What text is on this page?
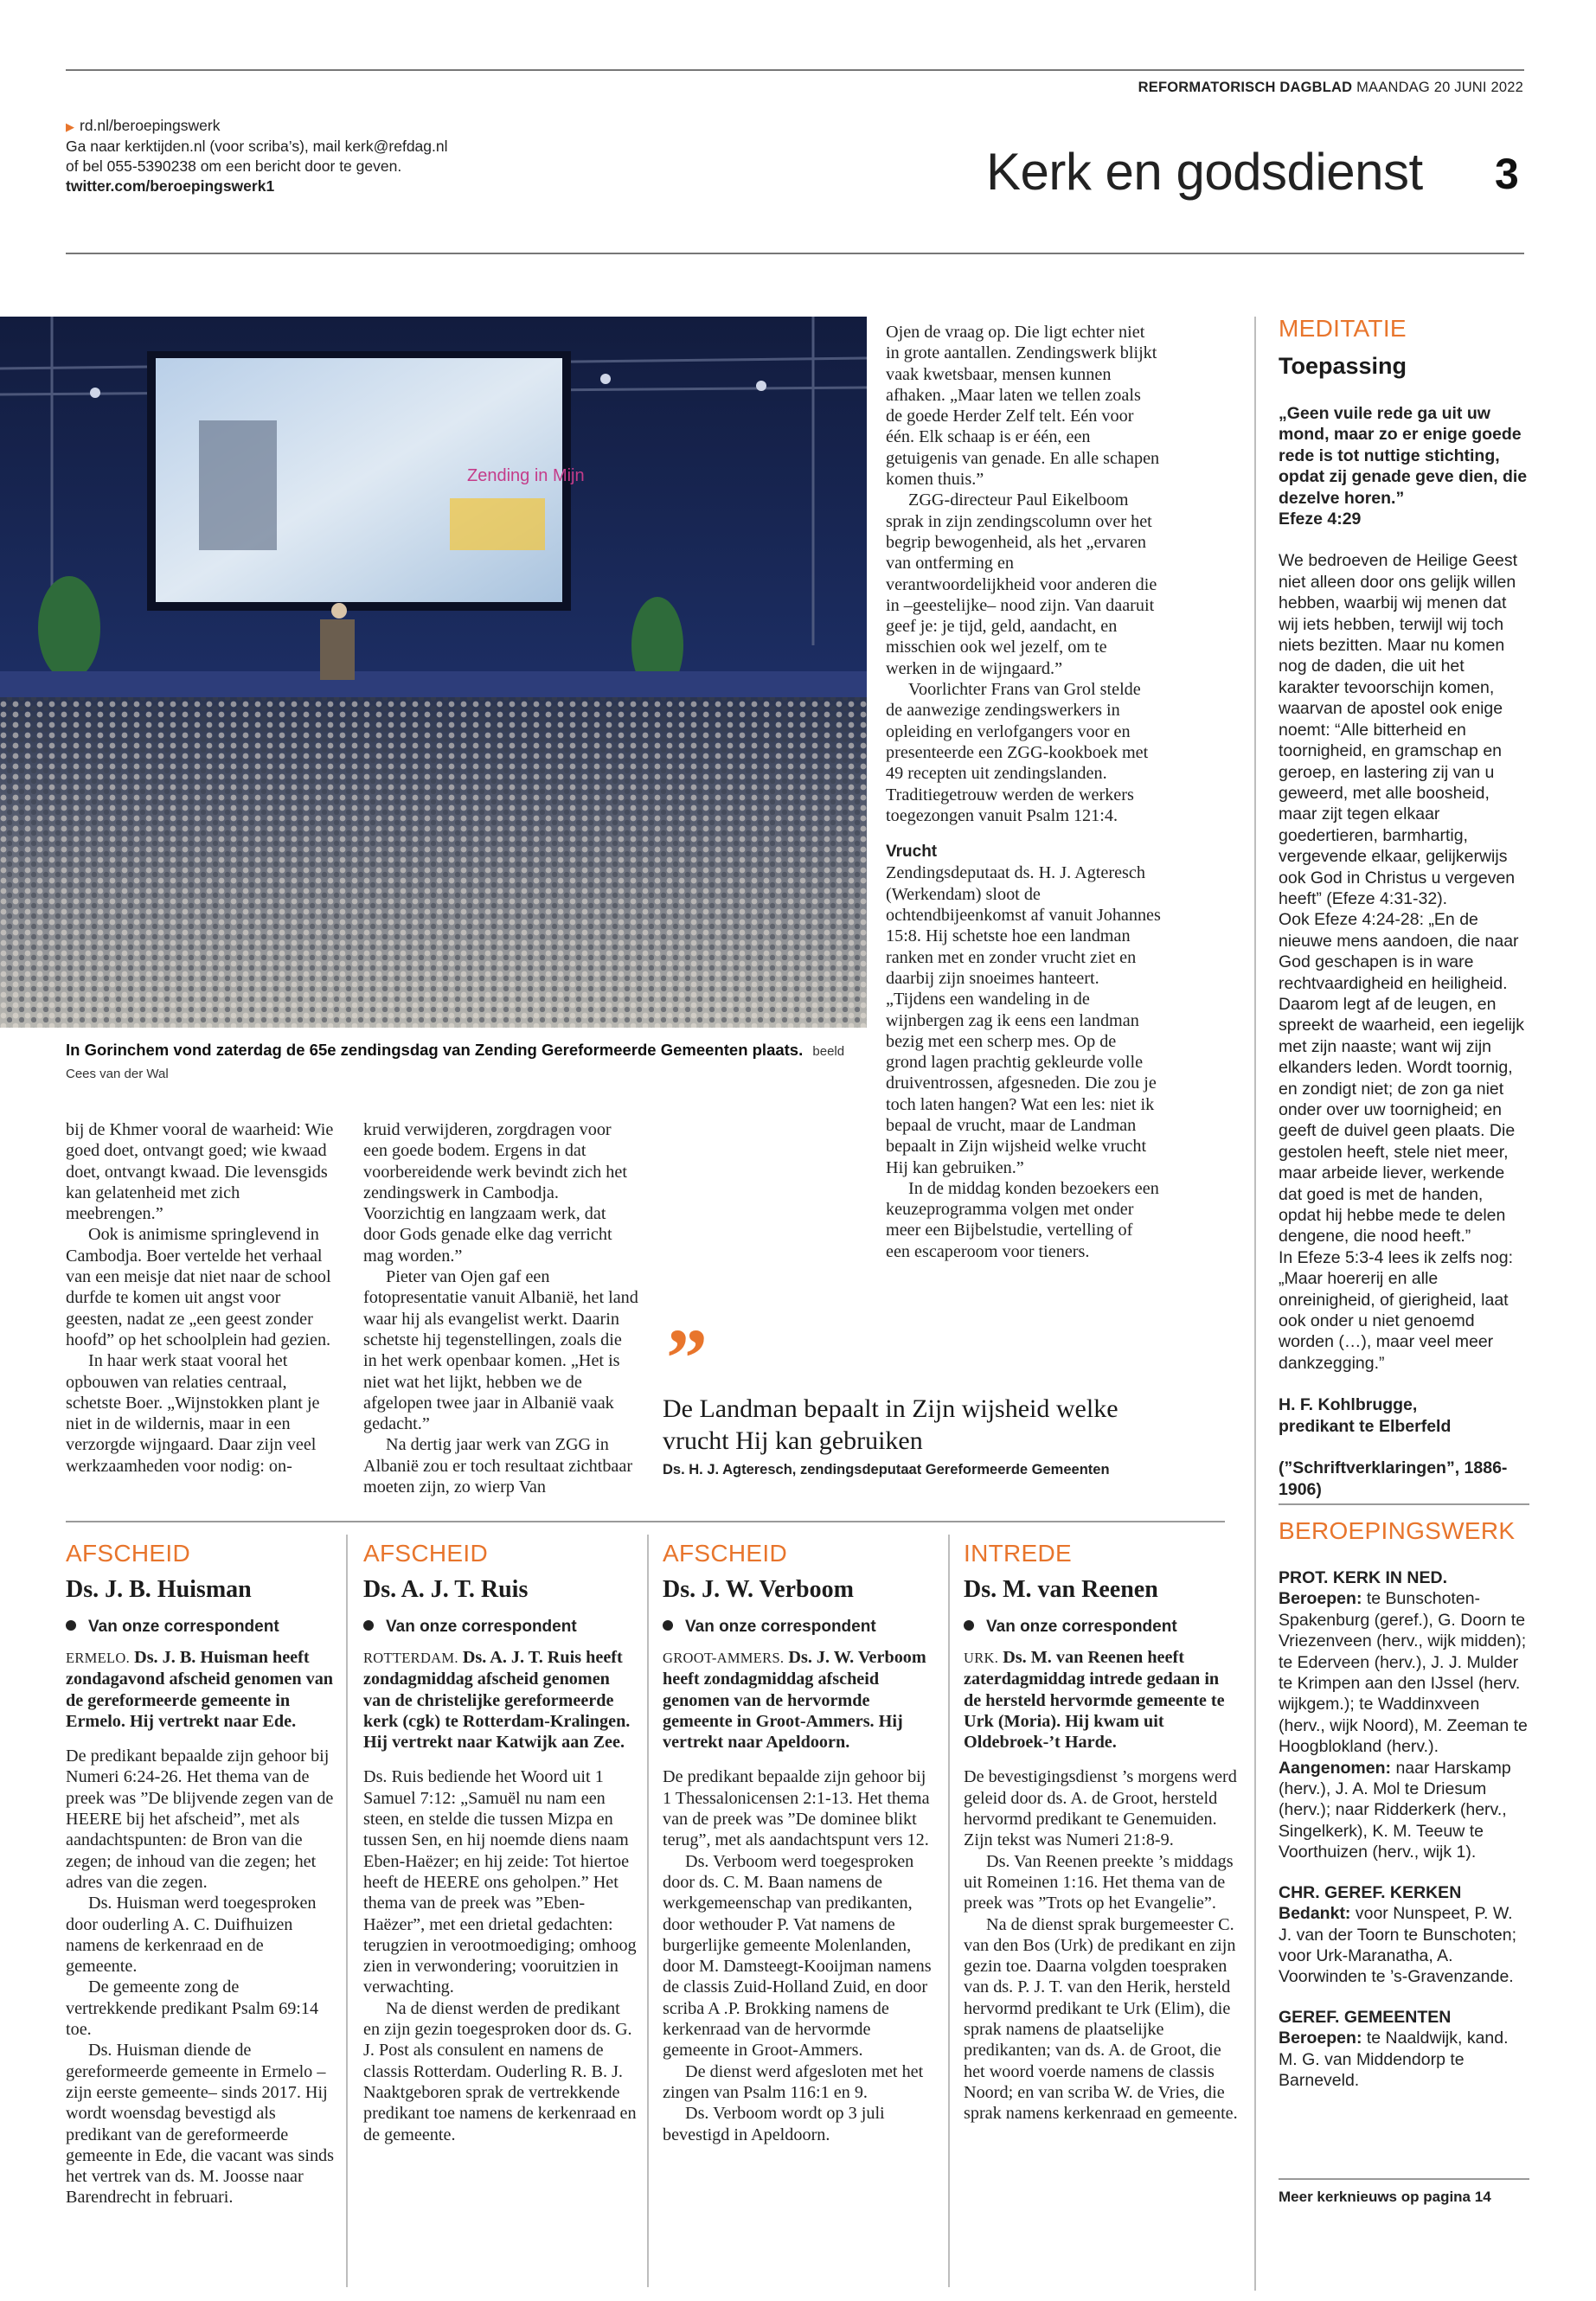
REFORMATORISCH DAGBLAD MAANDAG 20 JUNI 2022
▶ rd.nl/beroepingswerk
Ga naar kerktijden.nl (voor scriba’s), mail kerk@refdag.nl
of bel 055-5390238 om een bericht door te geven.
twitter.com/beroepingswerk1	Kerk en godsdienst 3
Zending in Mijn
In Gorinchem vond zaterdag de 65e zendingsdag van Zending Gereformeerde Gemeenten plaats. beeld Cees van der Wal

bij de Khmer vooral de waarheid: Wie goed doet, ontvangt goed; wie kwaad doet, ontvangt kwaad. Die levensgids kan gelatenheid met zich meebrengen.”

Ook is animisme springlevend in Cambodja. Boer vertelde het verhaal van een meisje dat niet naar de school durfde te komen uit angst voor geesten, nadat ze „een geest zonder hoofd” op het schoolplein had gezien.

In haar werk staat vooral het opbouwen van relaties centraal, schetste Boer. „Wijnstokken plant je niet in de wildernis, maar in een verzorgde wijngaard. Daar zijn veel werkzaamheden voor nodig: on-

kruid verwijderen, zorgdragen voor een goede bodem. Ergens in dat voorbereidende werk bevindt zich het zendingswerk in Cambodja. Voorzichtig en langzaam werk, dat door Gods genade elke dag verricht mag worden.”

Pieter van Ojen gaf een fotopresentatie vanuit Albanië, het land waar hij als evangelist werkt. Daarin schetste hij tegenstellingen, zoals die in het werk openbaar komen. „Het is niet wat het lijkt, hebben we de afgelopen twee jaar in Albanië vaak gedacht.”

Na dertig jaar werk van ZGG in Albanië zou er toch resultaat zichtbaar moeten zijn, zo wierp Van

Ojen de vraag op. Die ligt echter niet in grote aantallen. Zendingswerk blijkt vaak kwetsbaar, mensen kunnen afhaken. „Maar laten we tellen zoals de goede Herder Zelf telt. Eén voor één. Elk schaap is er één, een getuigenis van genade. En alle schapen komen thuis.”

ZGG-directeur Paul Eikelboom sprak in zijn zendingscolumn over het begrip bewogenheid, als het „ervaren van ontferming en verantwoordelijkheid voor anderen die in –geestelijke– nood zijn. Van daaruit geef je: je tijd, geld, aandacht, en misschien ook wel jezelf, om te werken in de wijngaard.”

Voorlichter Frans van Grol stelde de aanwezige zendingswerkers in opleiding en verlofgangers voor en presenteerde een ZGG-kookboek met 49 recepten uit zendingslanden. Traditiegetrouw werden de werkers toegezongen vanuit Psalm 121:4.

Vrucht

Zendingsdeputaat ds. H. J. Agteresch (Werkendam) sloot de ochtendbijeenkomst af vanuit Johannes 15:8. Hij schetste hoe een landman ranken met en zonder vrucht ziet en daarbij zijn snoeimes hanteert. „Tijdens een wandeling in de wijnbergen zag ik eens een landman bezig met een scherp mes. Op de grond lagen prachtig gekleurde volle druiventrossen, afgesneden. Die zou je toch laten hangen? Wat een les: niet ik bepaal de vrucht, maar de Landman bepaalt in Zijn wijsheid welke vrucht Hij kan gebruiken.”

In de middag konden bezoekers een keuzeprogramma volgen met onder meer een Bijbelstudie, vertelling of een escaperoom voor tieners.

”
De Landman bepaalt in Zijn wijsheid welke vrucht Hij kan gebruiken
Ds. H. J. Agteresch, zendingsdeputaat Gereformeerde Gemeenten
MEDITATIE
Toepassing

„Geen vuile rede ga uit uw mond, maar zo er enige goede rede is tot nuttige stichting, opdat zij genade geve dien, die dezelve horen.”

Efeze 4:29

We bedroeven de Heilige Geest niet alleen door ons gelijk willen hebben, waarbij wij menen dat wij iets hebben, terwijl wij toch niets bezitten. Maar nu komen nog de daden, die uit het karakter tevoorschijn komen, waarvan de apostel ook enige noemt: “Alle bitterheid en toornigheid, en gramschap en geroep, en lastering zij van u geweerd, met alle boosheid, maar zijt tegen elkaar goedertieren, barmhartig, vergevende elkaar, gelijkerwijs ook God in Christus u vergeven heeft” (Efeze 4:31-32).

Ook Efeze 4:24-28: „En de nieuwe mens aandoen, die naar God geschapen is in ware rechtvaardigheid en heiligheid. Daarom legt af de leugen, en spreekt de waarheid, een iegelijk met zijn naaste; want wij zijn elkanders leden. Wordt toornig, en zondigt niet; de zon ga niet onder over uw toornigheid; en geeft de duivel geen plaats. Die gestolen heeft, stele niet meer, maar arbeide liever, werkende dat goed is met de handen, opdat hij hebbe mede te delen dengene, die nood heeft.”

In Efeze 5:3-4 lees ik zelfs nog: „Maar hoererij en alle onreinigheid, of gierigheid, laat ook onder u niet genoemd worden (…), maar veel meer dankzegging.”

H. F. Kohlbrugge,

predikant te Elberfeld

(”Schriftverklaringen”, 1886-1906)

AFSCHEID
Ds. J. B. Huisman
Van onze correspondent

ERMELO. Ds. J. B. Huisman heeft zondagavond afscheid genomen van de gereformeerde gemeente in Ermelo. Hij vertrekt naar Ede.

De predikant bepaalde zijn gehoor bij Numeri 6:24-26. Het thema van de preek was ”De blijvende zegen van de HEERE bij het afscheid”, met als aandachtspunten: de Bron van die zegen; de inhoud van die zegen; het adres van die zegen.

Ds. Huisman werd toegesproken door ouderling A. C. Duifhuizen namens de kerkenraad en de gemeente.

De gemeente zong de vertrekkende predikant Psalm 69:14 toe.

Ds. Huisman diende de gereformeerde gemeente in Ermelo –zijn eerste gemeente– sinds 2017. Hij wordt woensdag bevestigd als predikant van de gereformeerde gemeente in Ede, die vacant was sinds het vertrek van ds. M. Joosse naar Barendrecht in februari.

AFSCHEID
Ds. A. J. T. Ruis
Van onze correspondent

ROTTERDAM. Ds. A. J. T. Ruis heeft zondagmiddag afscheid genomen van de christelijke gereformeerde kerk (cgk) te Rotterdam-Kralingen. Hij vertrekt naar Katwijk aan Zee.

Ds. Ruis bediende het Woord uit 1 Samuel 7:12: „Samuël nu nam een steen, en stelde die tussen Mizpa en tussen Sen, en hij noemde diens naam Eben-Haëzer; en hij zeide: Tot hiertoe heeft de HEERE ons geholpen.” Het thema van de preek was ”Eben-Haëzer”, met een drietal gedachten: terugzien in verootmoediging; omhoog zien in verwondering; vooruitzien in verwachting.

Na de dienst werden de predikant en zijn gezin toegesproken door ds. G. J. Post als consulent en namens de classis Rotterdam. Ouderling R. B. J. Naaktgeboren sprak de vertrekkende predikant toe namens de kerkenraad en de gemeente.

AFSCHEID
Ds. J. W. Verboom
Van onze correspondent

GROOT-AMMERS. Ds. J. W. Verboom heeft zondagmiddag afscheid genomen van de hervormde gemeente in Groot-Ammers. Hij vertrekt naar Apeldoorn.

De predikant bepaalde zijn gehoor bij 1 Thessalonicensen 2:1-13. Het thema van de preek was ”De dominee blikt terug”, met als aandachtspunt vers 12.

Ds. Verboom werd toegesproken door ds. C. M. Baan namens de werkgemeenschap van predikanten, door wethouder P. Vat namens de burgerlijke gemeente Molenlanden, door M. Damsteegt-Kooijman namens de classis Zuid-Holland Zuid, en door scriba A .P. Brokking namens de kerkenraad van de hervormde gemeente in Groot-Ammers.

De dienst werd afgesloten met het zingen van Psalm 116:1 en 9.

Ds. Verboom wordt op 3 juli bevestigd in Apeldoorn.

INTREDE
Ds. M. van Reenen
Van onze correspondent

URK. Ds. M. van Reenen heeft zaterdagmiddag intrede gedaan in de hersteld hervormde gemeente te Urk (Moria). Hij kwam uit Oldebroek-’t Harde.

De bevestigingsdienst ’s morgens werd geleid door ds. A. de Groot, hersteld hervormd predikant te Genemuiden. Zijn tekst was Numeri 21:8-9.

Ds. Van Reenen preekte ’s middags uit Romeinen 1:16. Het thema van de preek was ”Trots op het Evangelie”.

Na de dienst sprak burgemeester C. van den Bos (Urk) de predikant en zijn gezin toe. Daarna volgden toespraken van ds. P. J. T. van den Herik, hersteld hervormd predikant te Urk (Elim), die sprak namens de plaatselijke predikanten; van ds. A. de Groot, die het woord voerde namens de classis Noord; en van scriba W. de Vries, die sprak namens kerkenraad en gemeente.

BEROEPINGSWERK

PROT. KERK IN NED.

Beroepen: te Bunschoten-Spakenburg (geref.), G. Doorn te Vriezenveen (herv., wijk midden); te Ederveen (herv.), J. J. Mulder te Krimpen aan den IJssel (herv. wijkgem.); te Waddinxveen (herv., wijk Noord), M. Zeeman te Hoogblokland (herv.).

Aangenomen: naar Harskamp (herv.), J. A. Mol te Driesum (herv.); naar Ridderkerk (herv., Singelkerk), K. M. Teeuw te Voorthuizen (herv., wijk 1).

CHR. GEREF. KERKEN

Bedankt: voor Nunspeet, P. W. J. van der Toorn te Bunschoten; voor Urk-Maranatha, A. Voorwinden te ’s-Gravenzande.

GEREF. GEMEENTEN

Beroepen: te Naaldwijk, kand. M. G. van Middendorp te Barneveld.

Meer kerknieuws op pagina 14
